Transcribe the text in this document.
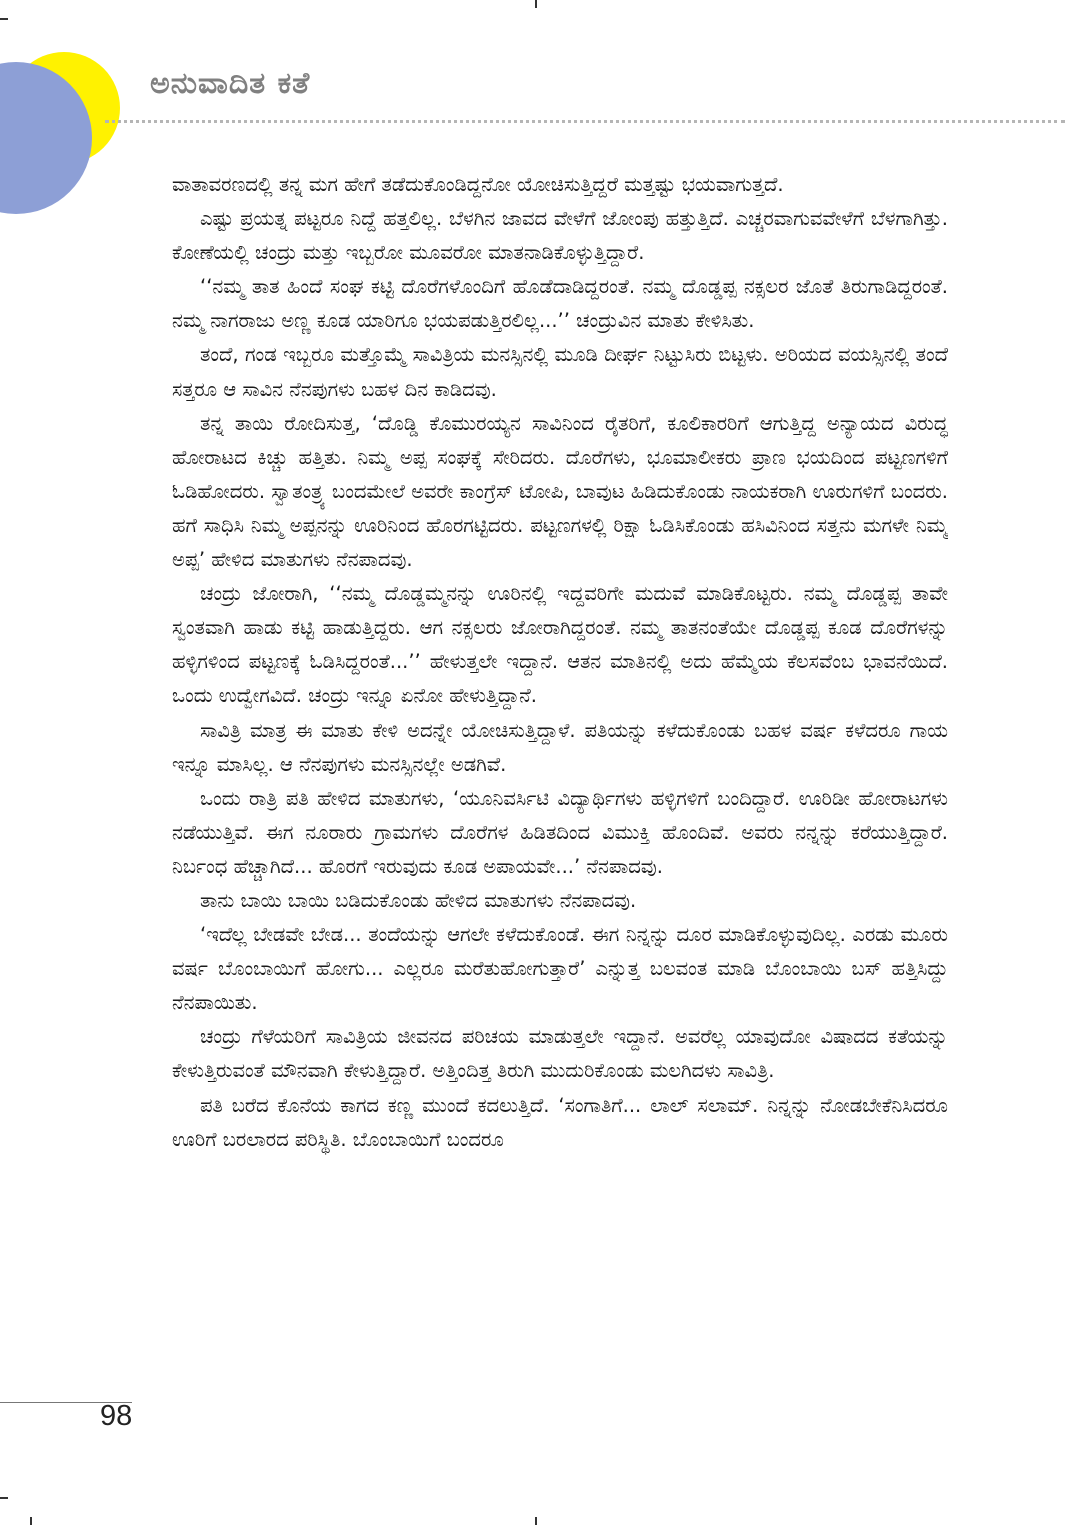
ಅನುವಾದಿತ ಕತೆ

ವಾತಾವರಣದಲ್ಲಿ ತನ್ನ ಮಗ ಹೇಗೆ ತಡೆದುಕೊಂಡಿದ್ದನೋ ಯೋಚಿಸುತ್ತಿದ್ದರೆ ಮತ್ತಷ್ಟು ಭಯವಾಗುತ್ತದೆ.

ಎಷ್ಟು ಪ್ರಯತ್ನ ಪಟ್ಟರೂ ನಿದ್ದೆ ಹತ್ತಲಿಲ್ಲ. ಬೆಳಗಿನ ಜಾವದ ವೇಳೆಗೆ ಜೋಂಪು ಹತ್ತುತ್ತಿದೆ. ಎಚ್ಚರವಾಗುವವೇಳೆಗೆ ಬೆಳಗಾಗಿತ್ತು. ಕೋಣೆಯಲ್ಲಿ ಚಂದ್ರು ಮತ್ತು ಇಬ್ಬರೋ ಮೂವರೋ ಮಾತನಾಡಿಕೊಳ್ಳುತ್ತಿದ್ದಾರೆ.

‘‘ನಮ್ಮ ತಾತ ಹಿಂದೆ ಸಂಘ ಕಟ್ಟಿ ದೊರೆಗಳೊಂದಿಗೆ ಹೊಡೆದಾಡಿದ್ದರಂತೆ. ನಮ್ಮ ದೊಡ್ಡಪ್ಪ ನಕ್ಸಲರ ಜೊತೆ ತಿರುಗಾಡಿದ್ದರಂತೆ. ನಮ್ಮ ನಾಗರಾಜು ಅಣ್ಣ ಕೂಡ ಯಾರಿಗೂ ಭಯಪಡುತ್ತಿರಲಿಲ್ಲ...’’ ಚಂದ್ರುವಿನ ಮಾತು ಕೇಳಿಸಿತು.

ತಂದೆ, ಗಂಡ ಇಬ್ಬರೂ ಮತ್ತೊಮ್ಮೆ ಸಾವಿತ್ರಿಯ ಮನಸ್ಸಿನಲ್ಲಿ ಮೂಡಿ ದೀರ್ಘ ನಿಟ್ಟುಸಿರು ಬಿಟ್ಟಳು. ಅರಿಯದ ವಯಸ್ಸಿನಲ್ಲಿ ತಂದೆ ಸತ್ತರೂ ಆ ಸಾವಿನ ನೆನಪುಗಳು ಬಹಳ ದಿನ ಕಾಡಿದವು.

ತನ್ನ ತಾಯಿ ರೋದಿಸುತ್ತ, ‘ದೊಡ್ಡಿ ಕೊಮುರಯ್ಯನ ಸಾವಿನಿಂದ ರೈತರಿಗೆ, ಕೂಲಿಕಾರರಿಗೆ ಆಗುತ್ತಿದ್ದ ಅನ್ಯಾಯದ ವಿರುದ್ಧ ಹೋರಾಟದ ಕಿಚ್ಚು ಹತ್ತಿತು. ನಿಮ್ಮ ಅಪ್ಪ ಸಂಘಕ್ಕೆ ಸೇರಿದರು. ದೊರೆಗಳು, ಭೂಮಾಲೀಕರು ಪ್ರಾಣ ಭಯದಿಂದ ಪಟ್ಟಣಗಳಿಗೆ ಓಡಿಹೋದರು. ಸ್ವಾತಂತ್ರ್ಯ ಬಂದಮೇಲೆ ಅವರೇ ಕಾಂಗ್ರೆಸ್ ಟೋಪಿ, ಬಾವುಟ ಹಿಡಿದುಕೊಂಡು ನಾಯಕರಾಗಿ ಊರುಗಳಿಗೆ ಬಂದರು. ಹಗೆ ಸಾಧಿಸಿ ನಿಮ್ಮ ಅಪ್ಪನನ್ನು ಊರಿನಿಂದ ಹೊರಗಟ್ಟಿದರು. ಪಟ್ಟಣಗಳಲ್ಲಿ ರಿಕ್ಷಾ ಓಡಿಸಿಕೊಂಡು ಹಸಿವಿನಿಂದ ಸತ್ತನು ಮಗಳೇ ನಿಮ್ಮ ಅಪ್ಪ’ ಹೇಳಿದ ಮಾತುಗಳು ನೆನಪಾದವು.

ಚಂದ್ರು ಜೋರಾಗಿ, ‘‘ನಮ್ಮ ದೊಡ್ಡಮ್ಮನನ್ನು ಊರಿನಲ್ಲಿ ಇದ್ದವರಿಗೇ ಮದುವೆ ಮಾಡಿಕೊಟ್ಟರು. ನಮ್ಮ ದೊಡ್ಡಪ್ಪ ತಾವೇ ಸ್ವಂತವಾಗಿ ಹಾಡು ಕಟ್ಟಿ ಹಾಡುತ್ತಿದ್ದರು. ಆಗ ನಕ್ಸಲರು ಜೋರಾಗಿದ್ದರಂತೆ. ನಮ್ಮ ತಾತನಂತೆಯೇ ದೊಡ್ಡಪ್ಪ ಕೂಡ ದೊರೆಗಳನ್ನು ಹಳ್ಳಿಗಳಿಂದ ಪಟ್ಟಣಕ್ಕೆ ಓಡಿಸಿದ್ದರಂತೆ...’’ ಹೇಳುತ್ತಲೇ ಇದ್ದಾನೆ. ಆತನ ಮಾತಿನಲ್ಲಿ ಅದು ಹೆಮ್ಮೆಯ ಕೆಲಸವೆಂಬ ಭಾವನೆಯಿದೆ. ಒಂದು ಉದ್ವೇಗವಿದೆ. ಚಂದ್ರು ಇನ್ನೂ ಏನೋ ಹೇಳುತ್ತಿದ್ದಾನೆ.

ಸಾವಿತ್ರಿ ಮಾತ್ರ ಈ ಮಾತು ಕೇಳಿ ಅದನ್ನೇ ಯೋಚಿಸುತ್ತಿದ್ದಾಳೆ. ಪತಿಯನ್ನು ಕಳೆದುಕೊಂಡು ಬಹಳ ವರ್ಷ ಕಳೆದರೂ ಗಾಯ ಇನ್ನೂ ಮಾಸಿಲ್ಲ. ಆ ನೆನಪುಗಳು ಮನಸ್ಸಿನಲ್ಲೇ ಅಡಗಿವೆ.

ಒಂದು ರಾತ್ರಿ ಪತಿ ಹೇಳಿದ ಮಾತುಗಳು, ‘ಯೂನಿವರ್ಸಿಟಿ ವಿದ್ಯಾರ್ಥಿಗಳು ಹಳ್ಳಿಗಳಿಗೆ ಬಂದಿದ್ದಾರೆ. ಊರಿಡೀ ಹೋರಾಟಗಳು ನಡೆಯುತ್ತಿವೆ. ಈಗ ನೂರಾರು ಗ್ರಾಮಗಳು ದೊರೆಗಳ ಹಿಡಿತದಿಂದ ವಿಮುಕ್ತಿ ಹೊಂದಿವೆ. ಅವರು ನನ್ನನ್ನು ಕರೆಯುತ್ತಿದ್ದಾರೆ. ನಿರ್ಬಂಧ ಹೆಚ್ಚಾಗಿದೆ... ಹೊರಗೆ ಇರುವುದು ಕೂಡ ಅಪಾಯವೇ...’ ನೆನಪಾದವು.

ತಾನು ಬಾಯಿ ಬಾಯಿ ಬಡಿದುಕೊಂಡು ಹೇಳಿದ ಮಾತುಗಳು ನೆನಪಾದವು.

‘ಇದೆಲ್ಲ ಬೇಡವೇ ಬೇಡ... ತಂದೆಯನ್ನು ಆಗಲೇ ಕಳೆದುಕೊಂಡೆ. ಈಗ ನಿನ್ನನ್ನು ದೂರ ಮಾಡಿಕೊಳ್ಳುವುದಿಲ್ಲ. ಎರಡು ಮೂರು ವರ್ಷ ಬೊಂಬಾಯಿಗೆ ಹೋಗು... ಎಲ್ಲರೂ ಮರೆತುಹೋಗುತ್ತಾರೆ’ ಎನ್ನುತ್ತ ಬಲವಂತ ಮಾಡಿ ಬೊಂಬಾಯಿ ಬಸ್ ಹತ್ತಿಸಿದ್ದು ನೆನಪಾಯಿತು.

ಚಂದ್ರು ಗೆಳೆಯರಿಗೆ ಸಾವಿತ್ರಿಯ ಜೀವನದ ಪರಿಚಯ ಮಾಡುತ್ತಲೇ ಇದ್ದಾನೆ. ಅವರೆಲ್ಲ ಯಾವುದೋ ವಿಷಾದದ ಕತೆಯನ್ನು ಕೇಳುತ್ತಿರುವಂತೆ ಮೌನವಾಗಿ ಕೇಳುತ್ತಿದ್ದಾರೆ. ಅತ್ತಿಂದಿತ್ತ ತಿರುಗಿ ಮುದುರಿಕೊಂಡು ಮಲಗಿದಳು ಸಾವಿತ್ರಿ.

ಪತಿ ಬರೆದ ಕೊನೆಯ ಕಾಗದ ಕಣ್ಣ ಮುಂದೆ ಕದಲುತ್ತಿದೆ. ‘ಸಂಗಾತಿಗೆ... ಲಾಲ್ ಸಲಾಮ್. ನಿನ್ನನ್ನು ನೋಡಬೇಕೆನಿಸಿದರೂ ಊರಿಗೆ ಬರಲಾರದ ಪರಿಸ್ಥಿತಿ. ಬೊಂಬಾಯಿಗೆ ಬಂದರೂ

98
